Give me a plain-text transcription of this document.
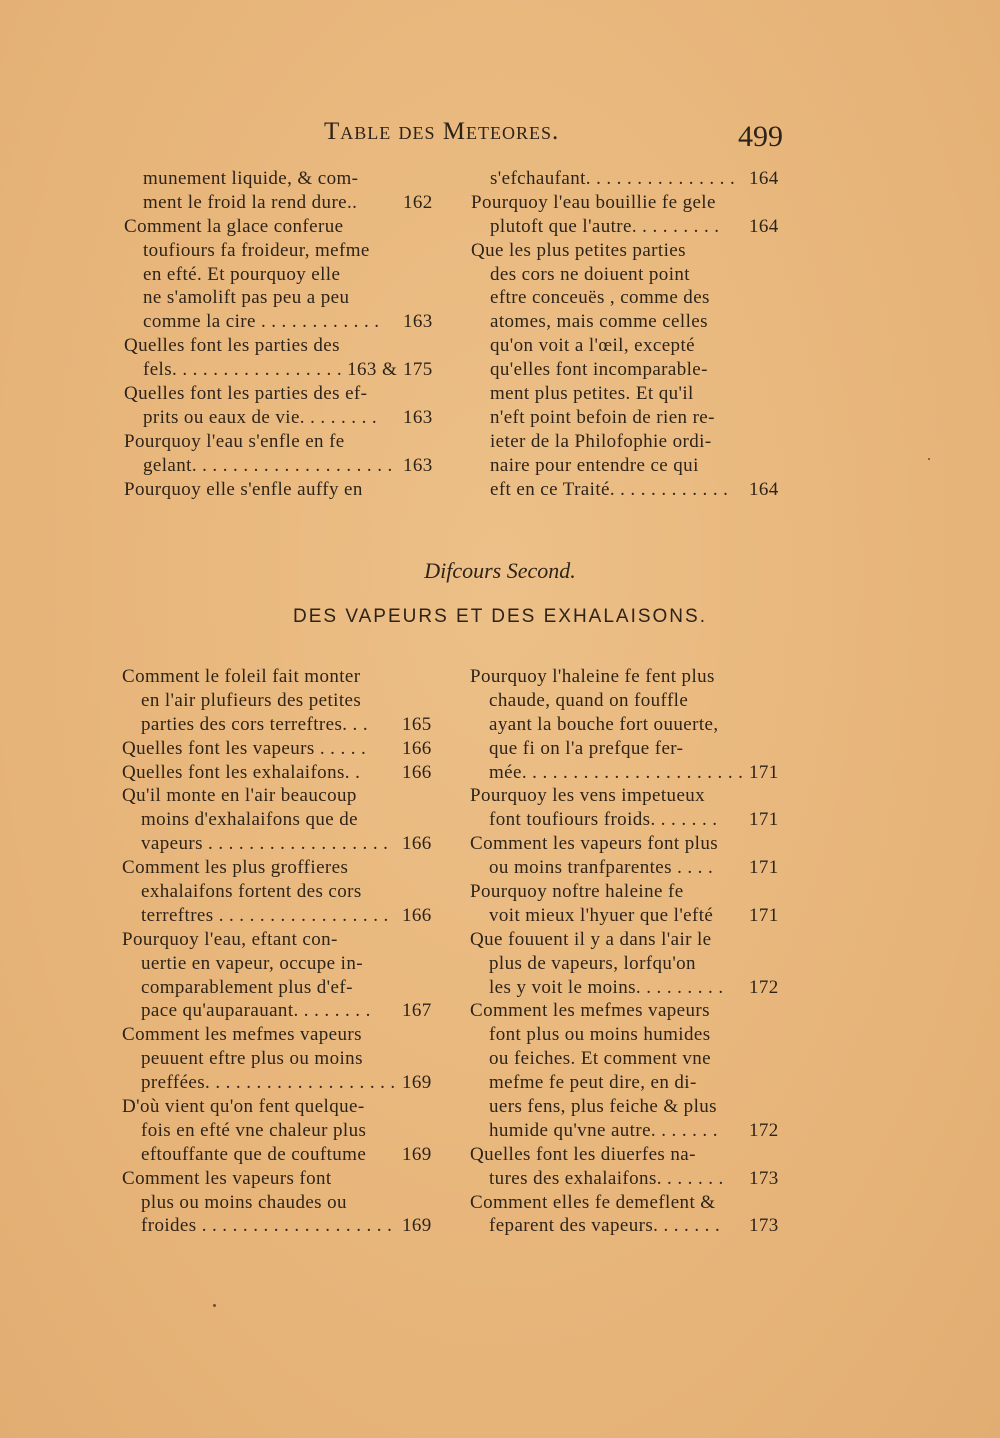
Table des Meteores.	499
munement liquide, & com-
ment le froid la rend dure.. 162
Comment la glace conferue
toufiours fa froideur, mefme
en efté. Et pourquoy elle
ne s'amolift pas peu a peu
comme la cire . . . . . . . . . . . . 163
Quelles font les parties des
fels. . . . . . . . . . . . . . . . . 163 & 175
Quelles font les parties des ef-
prits ou eaux de vie. . . . . . . . 163
Pourquoy l'eau s'enfle en fe
gelant. . . . . . . . . . . . . . . . . . . . 163
Pourquoy elle s'enfle auffy en
s'efchaufant. . . . . . . . . . . . . . . 164
Pourquoy l'eau bouillie fe gele
plutoft que l'autre. . . . . . . . . 164
Que les plus petites parties
des cors ne doiuent point
eftre conceuës , comme des
atomes, mais comme celles
qu'on voit a l'œil, excepté
qu'elles font incomparable-
ment plus petites. Et qu'il
n'eft point befoin de rien re-
ieter de la Philofophie ordi-
naire pour entendre ce qui
eft en ce Traité. . . . . . . . . . . . 164
Difcours Second.
DES VAPEURS ET DES EXHALAISONS.
Comment le foleil fait monter
en l'air plufieurs des petites
parties des cors terreftres. . . 165
Quelles font les vapeurs . . . . . 166
Quelles font les exhalaifons. . 166
Qu'il monte en l'air beaucoup
moins d'exhalaifons que de
vapeurs . . . . . . . . . . . . . . . . . . 166
Comment les plus groffieres
exhalaifons fortent des cors
terreftres . . . . . . . . . . . . . . . . . 166
Pourquoy l'eau, eftant con-
uertie en vapeur, occupe in-
comparablement plus d'ef-
pace qu'auparauant. . . . . . . . 167
Comment les mefmes vapeurs
peuuent eftre plus ou moins
preffées. . . . . . . . . . . . . . . . . . . 169
D'où vient qu'on fent quelque-
fois en efté vne chaleur plus
eftouffante que de couftume 169
Comment les vapeurs font
plus ou moins chaudes ou
froides . . . . . . . . . . . . . . . . . . . 169
Pourquoy l'haleine fe fent plus
chaude, quand on fouffle
ayant la bouche fort ouuerte,
que fi on l'a prefque fer-
mée. . . . . . . . . . . . . . . . . . . . . . 171
Pourquoy les vens impetueux
font toufiours froids. . . . . . . 171
Comment les vapeurs font plus
ou moins tranfparentes . . . . 171
Pourquoy noftre haleine fe
voit mieux l'hyuer que l'efté 171
Que fouuent il y a dans l'air le
plus de vapeurs, lorfqu'on
les y voit le moins. . . . . . . . . 172
Comment les mefmes vapeurs
font plus ou moins humides
ou feiches. Et comment vne
mefme fe peut dire, en di-
uers fens, plus feiche & plus
humide qu'vne autre. . . . . . . 172
Quelles font les diuerfes na-
tures des exhalaifons. . . . . . . 173
Comment elles fe demeflent &
feparent des vapeurs. . . . . . . 173
